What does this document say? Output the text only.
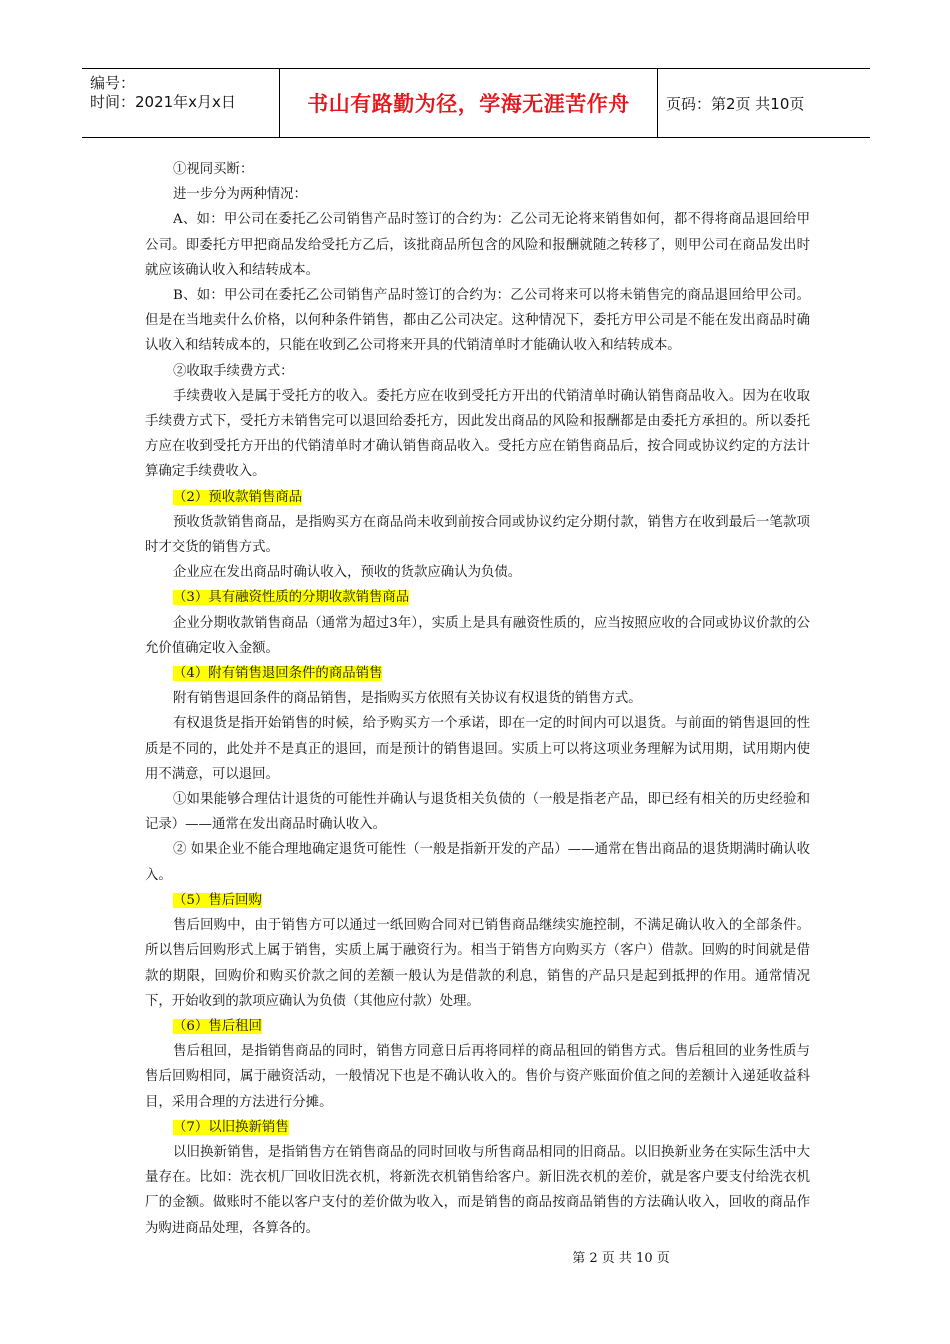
编号：
时间：2021年x月x日	书山有路勤为径，学海无涯苦作舟	页码：第2页 共10页

①视同买断：

进一步分为两种情况：

A、如：甲公司在委托乙公司销售产品时签订的合约为：乙公司无论将来销售如何，都不得将商品退回给甲公司。即委托方甲把商品发给受托方乙后，该批商品所包含的风险和报酬就随之转移了，则甲公司在商品发出时就应该确认收入和结转成本。

B、如：甲公司在委托乙公司销售产品时签订的合约为：乙公司将来可以将未销售完的商品退回给甲公司。但是在当地卖什么价格，以何种条件销售，都由乙公司决定。这种情况下，委托方甲公司是不能在发出商品时确认收入和结转成本的，只能在收到乙公司将来开具的代销清单时才能确认收入和结转成本。

②收取手续费方式：

手续费收入是属于受托方的收入。委托方应在收到受托方开出的代销清单时确认销售商品收入。因为在收取手续费方式下，受托方未销售完可以退回给委托方，因此发出商品的风险和报酬都是由委托方承担的。所以委托方应在收到受托方开出的代销清单时才确认销售商品收入。受托方应在销售商品后，按合同或协议约定的方法计算确定手续费收入。

（2）预收款销售商品

预收货款销售商品，是指购买方在商品尚未收到前按合同或协议约定分期付款，销售方在收到最后一笔款项时才交货的销售方式。

企业应在发出商品时确认收入，预收的货款应确认为负债。

（3）具有融资性质的分期收款销售商品

企业分期收款销售商品（通常为超过3年），实质上是具有融资性质的，应当按照应收的合同或协议价款的公允价值确定收入金额。

（4）附有销售退回条件的商品销售

附有销售退回条件的商品销售，是指购买方依照有关协议有权退货的销售方式。

有权退货是指开始销售的时候，给予购买方一个承诺，即在一定的时间内可以退货。与前面的销售退回的性质是不同的，此处并不是真正的退回，而是预计的销售退回。实质上可以将这项业务理解为试用期，试用期内使用不满意，可以退回。

①如果能够合理估计退货的可能性并确认与退货相关负债的（一般是指老产品，即已经有相关的历史经验和记录）——通常在发出商品时确认收入。

② 如果企业不能合理地确定退货可能性（一般是指新开发的产品）——通常在售出商品的退货期满时确认收入。

（5）售后回购

售后回购中，由于销售方可以通过一纸回购合同对已销售商品继续实施控制，不满足确认收入的全部条件。所以售后回购形式上属于销售，实质上属于融资行为。相当于销售方向购买方（客户）借款。回购的时间就是借款的期限，回购价和购买价款之间的差额一般认为是借款的利息，销售的产品只是起到抵押的作用。通常情况下，开始收到的款项应确认为负债（其他应付款）处理。

（6）售后租回

售后租回，是指销售商品的同时，销售方同意日后再将同样的商品租回的销售方式。售后租回的业务性质与售后回购相同，属于融资活动，一般情况下也是不确认收入的。售价与资产账面价值之间的差额计入递延收益科目，采用合理的方法进行分摊。

（7）以旧换新销售

以旧换新销售，是指销售方在销售商品的同时回收与所售商品相同的旧商品。以旧换新业务在实际生活中大量存在。比如：洗衣机厂回收旧洗衣机，将新洗衣机销售给客户。新旧洗衣机的差价，就是客户要支付给洗衣机厂的金额。做账时不能以客户支付的差价做为收入，而是销售的商品按商品销售的方法确认收入，回收的商品作为购进商品处理，各算各的。

第 2 页 共 10 页
